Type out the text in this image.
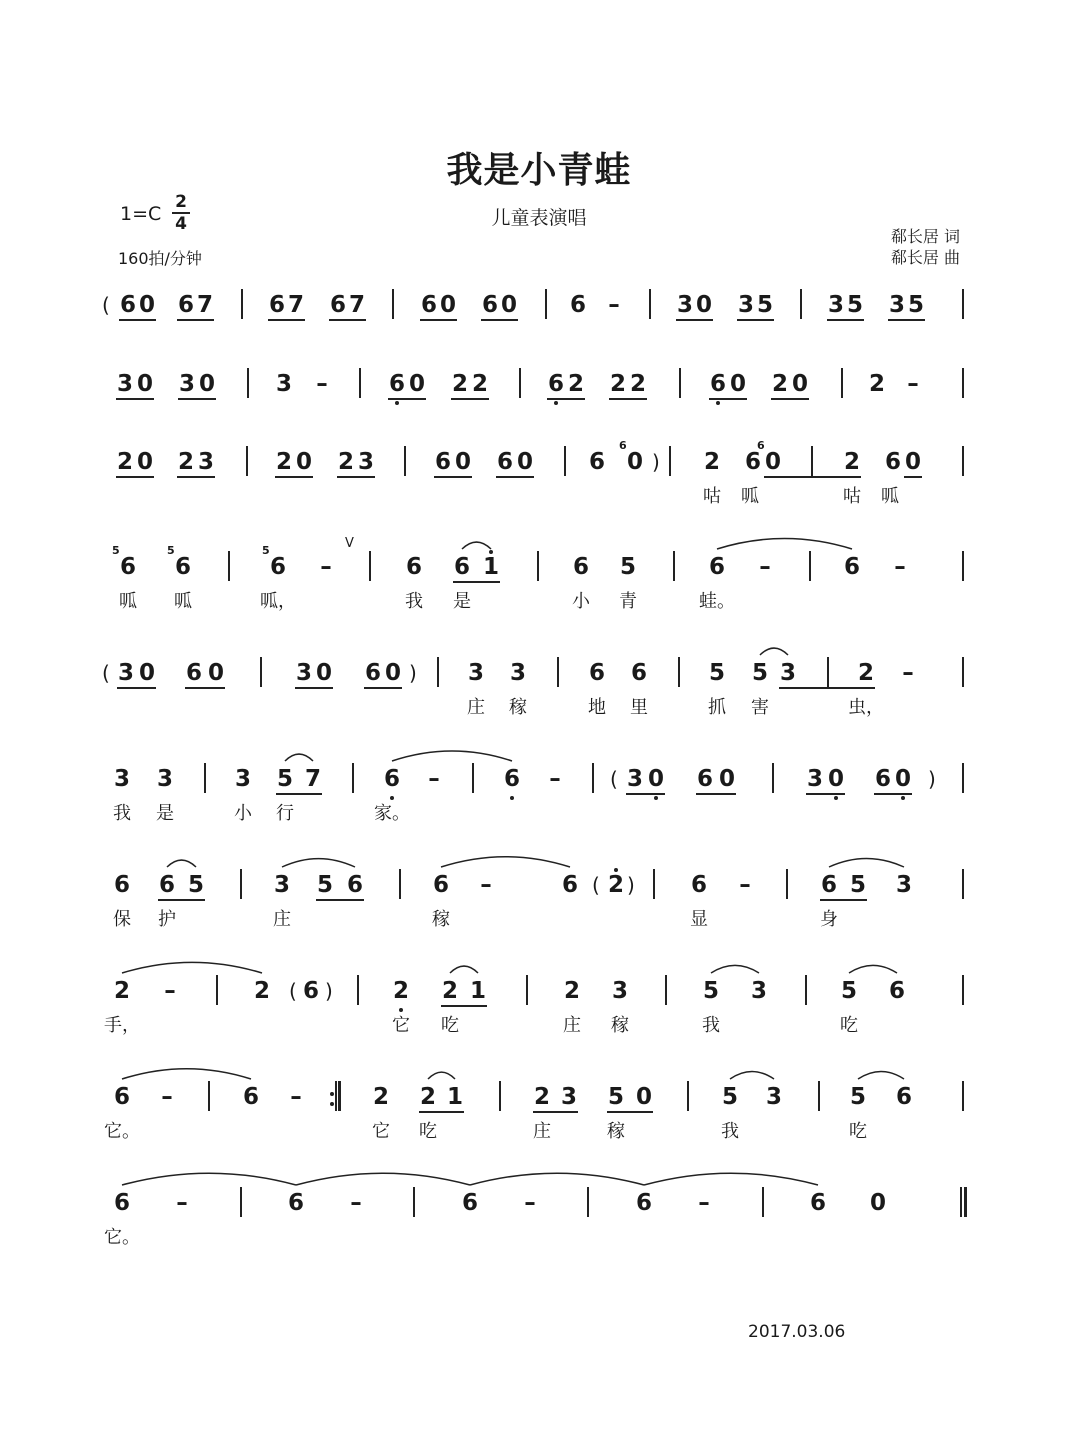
我是小青蛙
儿童表演唱
1=C
2
4
160拍/分钟
郗长居 词
郗长居 曲
2017.03.06
6 0 6 7	6 7	6 7	6 0	6 0	6 –	3 0	3 5	3 5	3 5
3 0	3 0	3	–	6 0	2 2	6 2	2 2	6 0	2 0	2 –
2 0	2 3	2 0	2 3	6 0	6 0	6 0
6
2	6 0
6
2	6 0
咕	呱	咕	呱
6
5
6
5
6
5
–	6	6 1	6	5	6	–	6	–
呱	呱	呱，	我	是	小	青	蛙。
3 0	6 0	3 0	6 0	3	3	6	6	5	5 3	2	–
庄	稼	地	里	抓	害	虫，
3	3	3	5 7	6	–	6	–	3 0	6 0	3 0	6 0
我	是	小	行	家。
6	6 5	3	5 6	6	–	6	2	6	–	6 5	3
保	护	庄	稼	显	身
2	–	2	6	2	2 1	2	3	5	3	5	6
手，	它	吃	庄	稼	我	吃
6	–	6	–	2	2 1	2 3	5 0	5	3	5	6
它。	它	吃	庄	稼	我	吃
6	–	6	–	6	–	6	–	6	0
它。
V
(
)
(	)
(	)
( )
( )
